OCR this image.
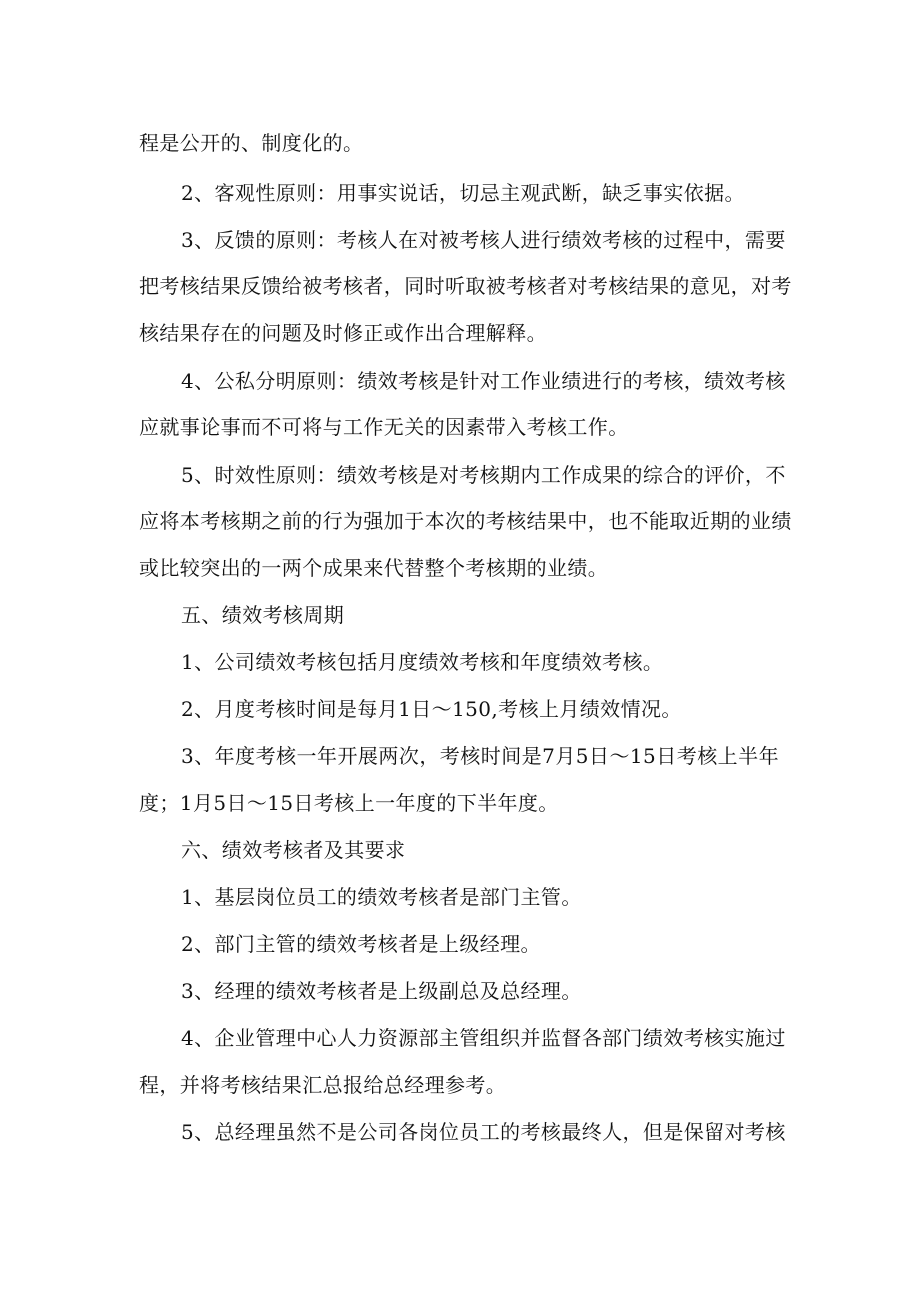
程是公开的、制度化的。
2、客观性原则：用事实说话，切忌主观武断，缺乏事实依据。
3、反馈的原则：考核人在对被考核人进行绩效考核的过程中，需要
把考核结果反馈给被考核者，同时听取被考核者对考核结果的意见，对考
核结果存在的问题及时修正或作出合理解释。
4、公私分明原则：绩效考核是针对工作业绩进行的考核，绩效考核
应就事论事而不可将与工作无关的因素带入考核工作。
5、时效性原则：绩效考核是对考核期内工作成果的综合的评价，不
应将本考核期之前的行为强加于本次的考核结果中，也不能取近期的业绩
或比较突出的一两个成果来代替整个考核期的业绩。
五、绩效考核周期
1、公司绩效考核包括月度绩效考核和年度绩效考核。
2、月度考核时间是每月1日～150,考核上月绩效情况。
3、年度考核一年开展两次，考核时间是7月5日～15日考核上半年
度；1月5日～15日考核上一年度的下半年度。
六、绩效考核者及其要求
1、基层岗位员工的绩效考核者是部门主管。
2、部门主管的绩效考核者是上级经理。
3、经理的绩效考核者是上级副总及总经理。
4、企业管理中心人力资源部主管组织并监督各部门绩效考核实施过
程，并将考核结果汇总报给总经理参考。
5、总经理虽然不是公司各岗位员工的考核最终人，但是保留对考核
